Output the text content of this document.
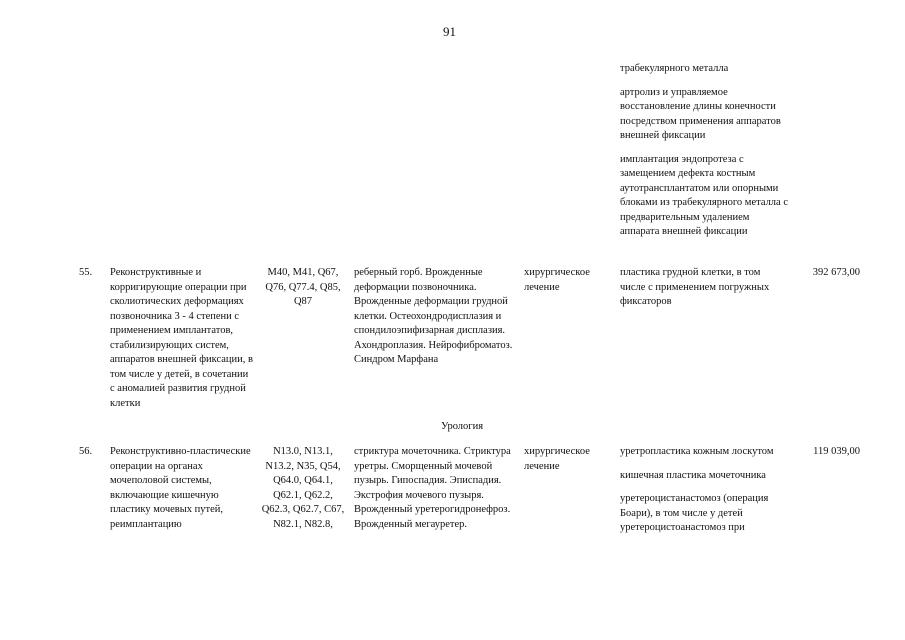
91

трабекулярного металла

артролиз и управляемое восстановление длины конечности посредством применения аппаратов внешней фиксации

имплантация эндопротеза с замещением дефекта костным аутотрансплантатом или опорными блоками из трабекулярного металла с предварительным удалением аппарата внешней фиксации

55. Реконструктивные и корригирующие операции при сколиотических деформациях позвоночника 3 - 4 степени с применением имплантатов, стабилизирующих систем, аппаратов внешней фиксации, в том числе у детей, в сочетании с аномалией развития грудной клетки
M40, M41, Q67, Q76, Q77.4, Q85, Q87
реберный горб. Врожденные деформации позвоночника. Врожденные деформации грудной клетки. Остеохондродисплазия и спондилоэпифизарная дисплазия. Ахондроплазия. Нейрофиброматоз. Синдром Марфана
хирургическое лечение

пластика грудной клетки, в том числе с применением погружных фиксаторов

392 673,00
Урология
56. Реконструктивно-пластические операции на органах мочеполовой системы, включающие кишечную пластику мочевых путей, реимплантацию
N13.0, N13.1, N13.2, N35, Q54, Q64.0, Q64.1, Q62.1, Q62.2, Q62.3, Q62.7, C67, N82.1, N82.8,
стриктура мочеточника. Стриктура уретры. Сморщенный мочевой пузырь. Гипоспадия. Эписпадия. Экстрофия мочевого пузыря. Врожденный уретерогидронефроз. Врожденный мегауретер.
хирургическое лечение

уретропластика кожным лоскутом

кишечная пластика мочеточника

уретероцистанастомоз (операция Боари), в том числе у детей уретероцистоанастомоз при

119 039,00
